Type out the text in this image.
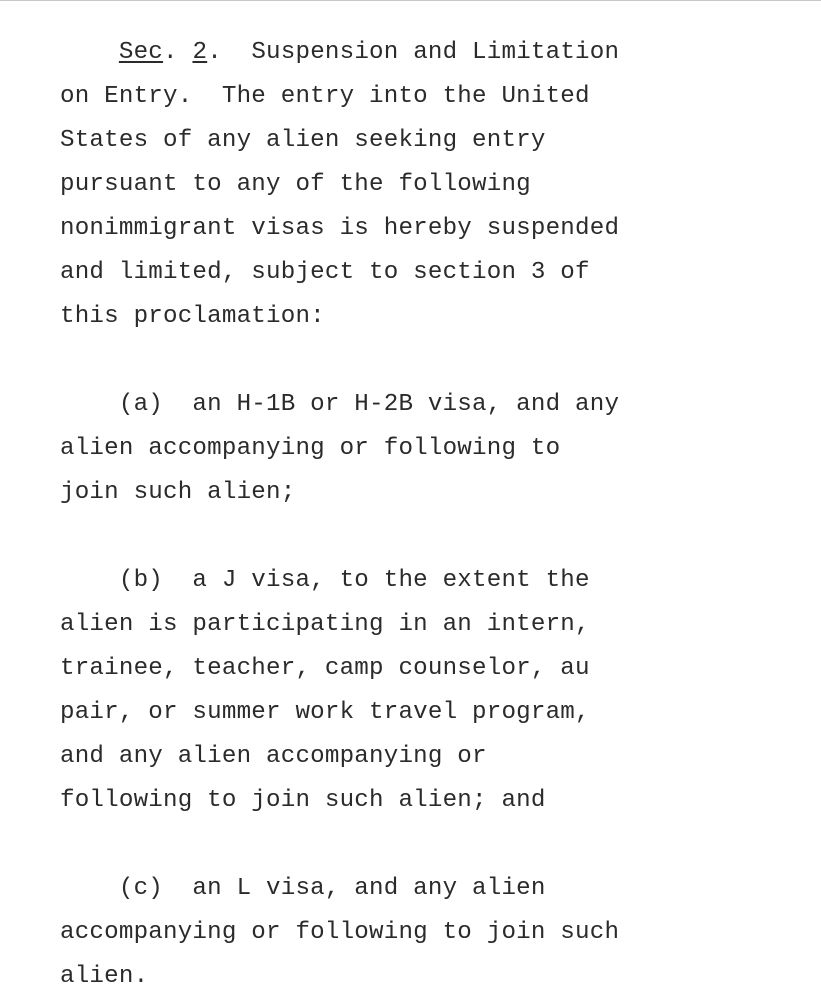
Sec. 2.  Suspension and Limitation
on Entry.  The entry into the United
States of any alien seeking entry
pursuant to any of the following
nonimmigrant visas is hereby suspended
and limited, subject to section 3 of
this proclamation:
(a)  an H-1B or H-2B visa, and any
alien accompanying or following to
join such alien;
(b)  a J visa, to the extent the
alien is participating in an intern,
trainee, teacher, camp counselor, au
pair, or summer work travel program,
and any alien accompanying or
following to join such alien; and
(c)  an L visa, and any alien
accompanying or following to join such
alien.
